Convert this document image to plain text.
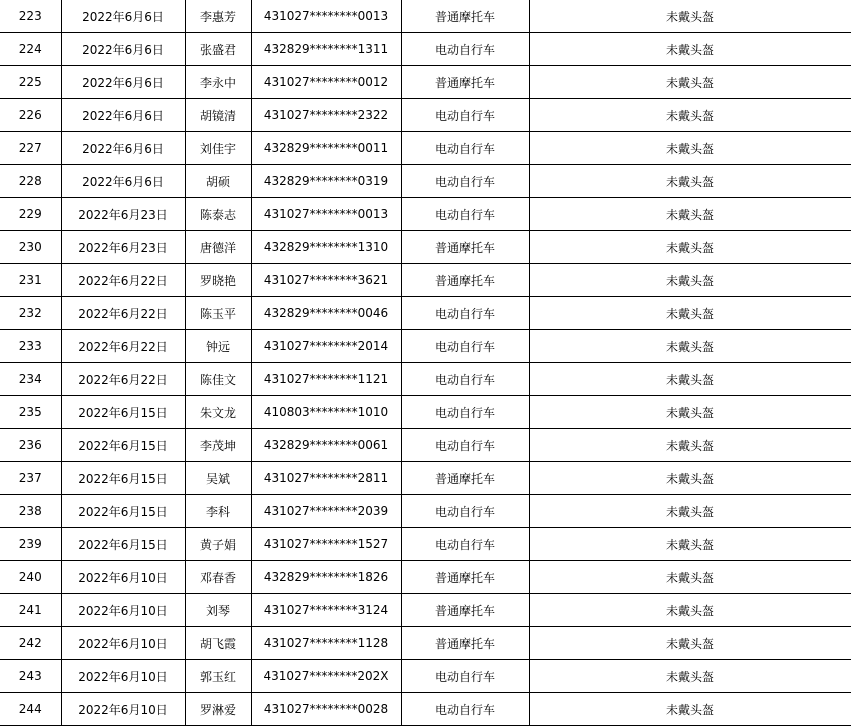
223	2022年6月6日	李惠芳	431027********0013	普通摩托车	未戴头盔
224	2022年6月6日	张盛君	432829********1311	电动自行车	未戴头盔
225	2022年6月6日	李永中	431027********0012	普通摩托车	未戴头盔
226	2022年6月6日	胡镜清	431027********2322	电动自行车	未戴头盔
227	2022年6月6日	刘佳宇	432829********0011	电动自行车	未戴头盔
228	2022年6月6日	胡硕	432829********0319	电动自行车	未戴头盔
229	2022年6月23日	陈泰志	431027********0013	电动自行车	未戴头盔
230	2022年6月23日	唐德洋	432829********1310	普通摩托车	未戴头盔
231	2022年6月22日	罗晓艳	431027********3621	普通摩托车	未戴头盔
232	2022年6月22日	陈玉平	432829********0046	电动自行车	未戴头盔
233	2022年6月22日	钟远	431027********2014	电动自行车	未戴头盔
234	2022年6月22日	陈佳文	431027********1121	电动自行车	未戴头盔
235	2022年6月15日	朱文龙	410803********1010	电动自行车	未戴头盔
236	2022年6月15日	李茂坤	432829********0061	电动自行车	未戴头盔
237	2022年6月15日	吴斌	431027********2811	普通摩托车	未戴头盔
238	2022年6月15日	李科	431027********2039	电动自行车	未戴头盔
239	2022年6月15日	黄子娟	431027********1527	电动自行车	未戴头盔
240	2022年6月10日	邓春香	432829********1826	普通摩托车	未戴头盔
241	2022年6月10日	刘琴	431027********3124	普通摩托车	未戴头盔
242	2022年6月10日	胡飞霞	431027********1128	普通摩托车	未戴头盔
243	2022年6月10日	郭玉红	431027********202X	电动自行车	未戴头盔
244	2022年6月10日	罗淋爱	431027********0028	电动自行车	未戴头盔
